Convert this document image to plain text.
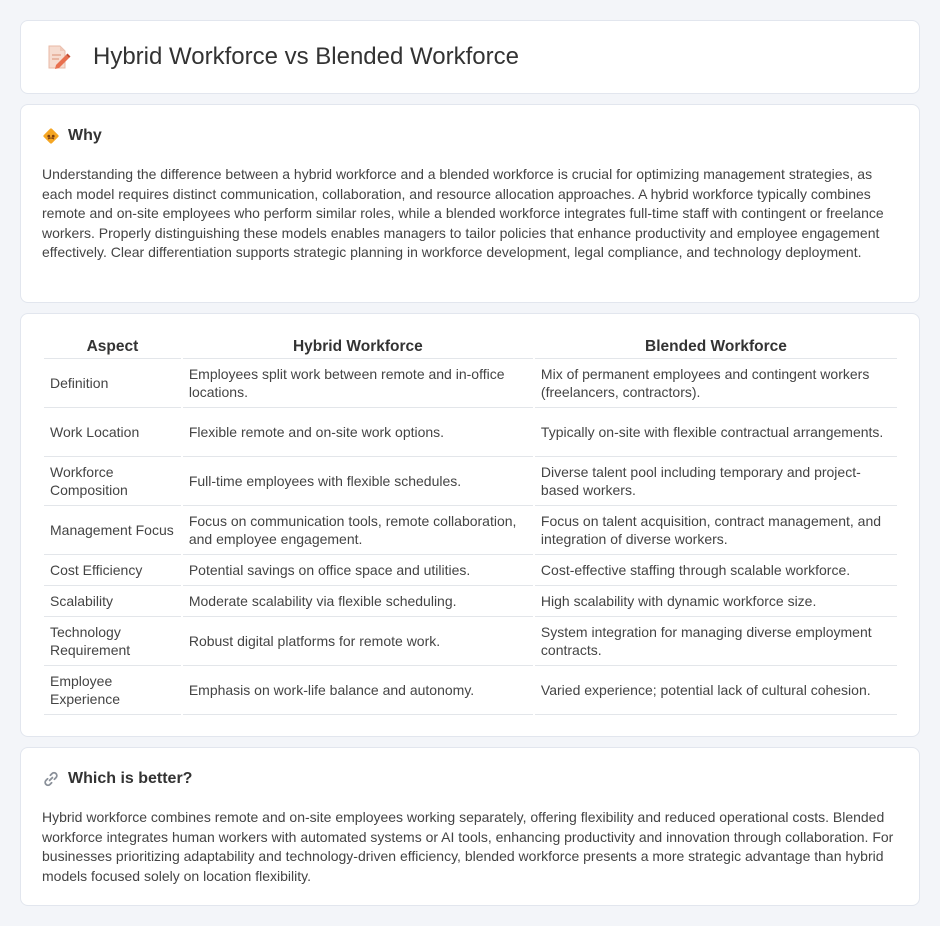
Hybrid Workforce vs Blended Workforce
Why

Understanding the difference between a hybrid workforce and a blended workforce is crucial for optimizing management strategies, as each model requires distinct communication, collaboration, and resource allocation approaches. A hybrid workforce typically combines remote and on-site employees who perform similar roles, while a blended workforce integrates full-time staff with contingent or freelance workers. Properly distinguishing these models enables managers to tailor policies that enhance productivity and employee engagement effectively. Clear differentiation supports strategic planning in workforce development, legal compliance, and technology deployment.

Aspect	Hybrid Workforce	Blended Workforce
Definition	Employees split work between remote and in-office locations.	Mix of permanent employees and contingent workers (freelancers, contractors).
Work Location	Flexible remote and on-site work options.	Typically on-site with flexible contractual arrangements.
Workforce Composition	Full-time employees with flexible schedules.	Diverse talent pool including temporary and project-based workers.
Management Focus	Focus on communication tools, remote collaboration, and employee engagement.	Focus on talent acquisition, contract management, and integration of diverse workers.
Cost Efficiency	Potential savings on office space and utilities.	Cost-effective staffing through scalable workforce.
Scalability	Moderate scalability via flexible scheduling.	High scalability with dynamic workforce size.
Technology Requirement	Robust digital platforms for remote work.	System integration for managing diverse employment contracts.
Employee Experience	Emphasis on work-life balance and autonomy.	Varied experience; potential lack of cultural cohesion.
Which is better?

Hybrid workforce combines remote and on-site employees working separately, offering flexibility and reduced operational costs. Blended workforce integrates human workers with automated systems or AI tools, enhancing productivity and innovation through collaboration. For businesses prioritizing adaptability and technology-driven efficiency, blended workforce presents a more strategic advantage than hybrid models focused solely on location flexibility.
